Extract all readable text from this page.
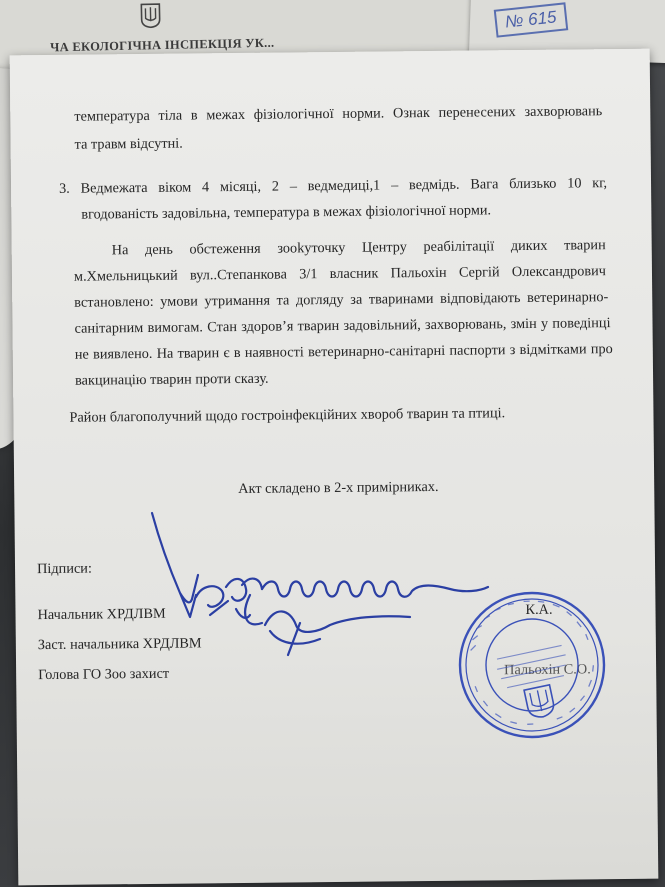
ЧА ЕКОЛОГІЧНА ІНСПЕКЦІЯ УК...
№ 615
температура тіла в межах фізіологічної норми. Ознак перенесених захворювань
та травм відсутні.
3. Ведмежата віком 4 місяці, 2 – ведмедиці,1 – ведмідь. Вага близько 10 кг,
вгодованість задовільна, температура в межах фізіологічної норми.
На день обстеження зооkуточку Центру реабілітації диких тварин
м.Хмельницький вул..Степанкова 3/1 власник Пальохін Сергій Олександрович
встановлено: умови утримання та догляду за тваринами відповідають ветеринарно-
санітарним вимогам. Стан здоров’я тварин задовільний, захворювань, змін у поведінці
не виявлено. На тварин є в наявності ветеринарно-санітарні паспорти з відмітками про
вакцинацію тварин проти сказу.
Район благополучний щодо гостроінфекційних хвороб тварин та птиці.
Акт складено в 2-х примірниках.
Підписи:
Начальник ХРДЛВМ	К.А.
Заст. начальника ХРДЛВМ
Голова ГО Зоо захист	Пальохін С.О.
